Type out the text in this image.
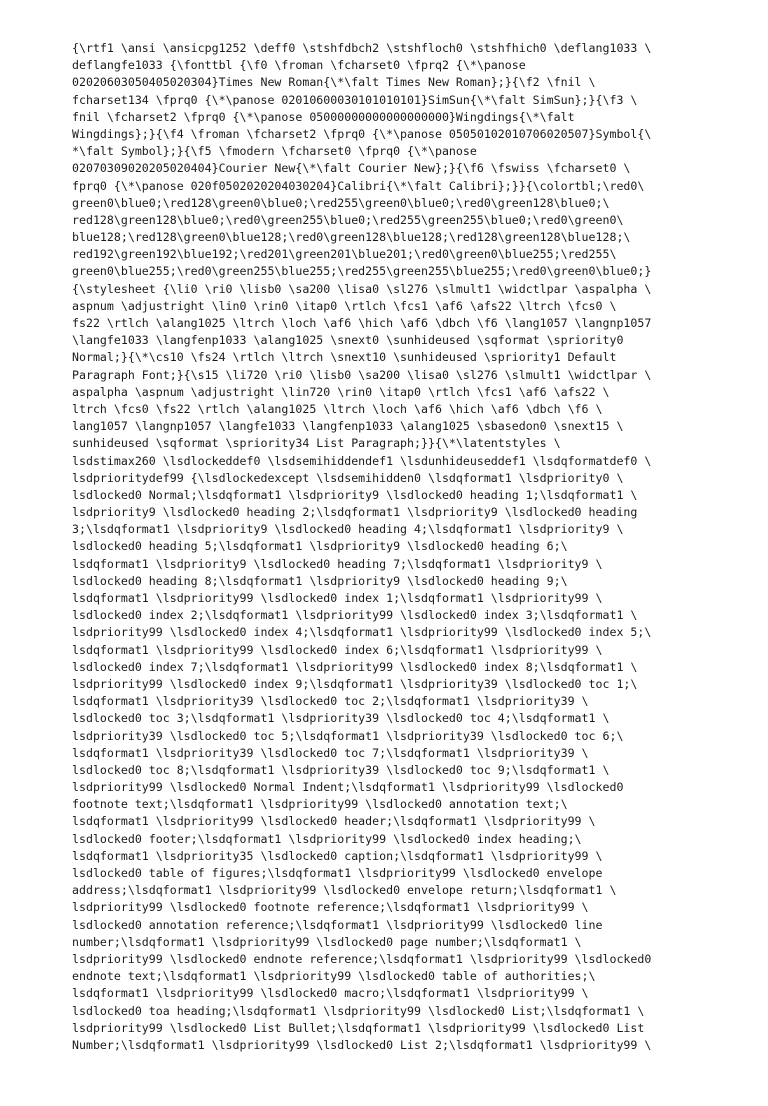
{\rtf1 \ansi \ansicpg1252 \deff0 \stshfdbch2 \stshfloch0 \stshfhich0 \deflang1033 \
deflangfe1033 {\fonttbl {\f0 \froman \fcharset0 \fprq2 {\*\panose
02020603050405020304}Times New Roman{\*\falt Times New Roman};}{\f2 \fnil \
fcharset134 \fprq0 {\*\panose 02010600030101010101}SimSun{\*\falt SimSun};}{\f3 \
fnil \fcharset2 \fprq0 {\*\panose 05000000000000000000}Wingdings{\*\falt
Wingdings};}{\f4 \froman \fcharset2 \fprq0 {\*\panose 05050102010706020507}Symbol{\
*\falt Symbol};}{\f5 \fmodern \fcharset0 \fprq0 {\*\panose
02070309020205020404}Courier New{\*\falt Courier New};}{\f6 \fswiss \fcharset0 \
fprq0 {\*\panose 020f0502020204030204}Calibri{\*\falt Calibri};}}{\colortbl;\red0\
green0\blue0;\red128\green0\blue0;\red255\green0\blue0;\red0\green128\blue0;\
red128\green128\blue0;\red0\green255\blue0;\red255\green255\blue0;\red0\green0\
blue128;\red128\green0\blue128;\red0\green128\blue128;\red128\green128\blue128;\
red192\green192\blue192;\red201\green201\blue201;\red0\green0\blue255;\red255\
green0\blue255;\red0\green255\blue255;\red255\green255\blue255;\red0\green0\blue0;}
{\stylesheet {\li0 \ri0 \lisb0 \sa200 \lisa0 \sl276 \slmult1 \widctlpar \aspalpha \
aspnum \adjustright \lin0 \rin0 \itap0 \rtlch \fcs1 \af6 \afs22 \ltrch \fcs0 \
fs22 \rtlch \alang1025 \ltrch \loch \af6 \hich \af6 \dbch \f6 \lang1057 \langnp1057
\langfe1033 \langfenp1033 \alang1025 \snext0 \sunhideused \sqformat \spriority0
Normal;}{\*\cs10 \fs24 \rtlch \ltrch \snext10 \sunhideused \spriority1 Default
Paragraph Font;}{\s15 \li720 \ri0 \lisb0 \sa200 \lisa0 \sl276 \slmult1 \widctlpar \
aspalpha \aspnum \adjustright \lin720 \rin0 \itap0 \rtlch \fcs1 \af6 \afs22 \
ltrch \fcs0 \fs22 \rtlch \alang1025 \ltrch \loch \af6 \hich \af6 \dbch \f6 \
lang1057 \langnp1057 \langfe1033 \langfenp1033 \alang1025 \sbasedon0 \snext15 \
sunhideused \sqformat \spriority34 List Paragraph;}}{\*\latentstyles \
lsdstimax260 \lsdlockeddef0 \lsdsemihiddendef1 \lsdunhideuseddef1 \lsdqformatdef0 \
lsdprioritydef99 {\lsdlockedexcept \lsdsemihidden0 \lsdqformat1 \lsdpriority0 \
lsdlocked0 Normal;\lsdqformat1 \lsdpriority9 \lsdlocked0 heading 1;\lsdqformat1 \
lsdpriority9 \lsdlocked0 heading 2;\lsdqformat1 \lsdpriority9 \lsdlocked0 heading
3;\lsdqformat1 \lsdpriority9 \lsdlocked0 heading 4;\lsdqformat1 \lsdpriority9 \
lsdlocked0 heading 5;\lsdqformat1 \lsdpriority9 \lsdlocked0 heading 6;\
lsdqformat1 \lsdpriority9 \lsdlocked0 heading 7;\lsdqformat1 \lsdpriority9 \
lsdlocked0 heading 8;\lsdqformat1 \lsdpriority9 \lsdlocked0 heading 9;\
lsdqformat1 \lsdpriority99 \lsdlocked0 index 1;\lsdqformat1 \lsdpriority99 \
lsdlocked0 index 2;\lsdqformat1 \lsdpriority99 \lsdlocked0 index 3;\lsdqformat1 \
lsdpriority99 \lsdlocked0 index 4;\lsdqformat1 \lsdpriority99 \lsdlocked0 index 5;\
lsdqformat1 \lsdpriority99 \lsdlocked0 index 6;\lsdqformat1 \lsdpriority99 \
lsdlocked0 index 7;\lsdqformat1 \lsdpriority99 \lsdlocked0 index 8;\lsdqformat1 \
lsdpriority99 \lsdlocked0 index 9;\lsdqformat1 \lsdpriority39 \lsdlocked0 toc 1;\
lsdqformat1 \lsdpriority39 \lsdlocked0 toc 2;\lsdqformat1 \lsdpriority39 \
lsdlocked0 toc 3;\lsdqformat1 \lsdpriority39 \lsdlocked0 toc 4;\lsdqformat1 \
lsdpriority39 \lsdlocked0 toc 5;\lsdqformat1 \lsdpriority39 \lsdlocked0 toc 6;\
lsdqformat1 \lsdpriority39 \lsdlocked0 toc 7;\lsdqformat1 \lsdpriority39 \
lsdlocked0 toc 8;\lsdqformat1 \lsdpriority39 \lsdlocked0 toc 9;\lsdqformat1 \
lsdpriority99 \lsdlocked0 Normal Indent;\lsdqformat1 \lsdpriority99 \lsdlocked0
footnote text;\lsdqformat1 \lsdpriority99 \lsdlocked0 annotation text;\
lsdqformat1 \lsdpriority99 \lsdlocked0 header;\lsdqformat1 \lsdpriority99 \
lsdlocked0 footer;\lsdqformat1 \lsdpriority99 \lsdlocked0 index heading;\
lsdqformat1 \lsdpriority35 \lsdlocked0 caption;\lsdqformat1 \lsdpriority99 \
lsdlocked0 table of figures;\lsdqformat1 \lsdpriority99 \lsdlocked0 envelope
address;\lsdqformat1 \lsdpriority99 \lsdlocked0 envelope return;\lsdqformat1 \
lsdpriority99 \lsdlocked0 footnote reference;\lsdqformat1 \lsdpriority99 \
lsdlocked0 annotation reference;\lsdqformat1 \lsdpriority99 \lsdlocked0 line
number;\lsdqformat1 \lsdpriority99 \lsdlocked0 page number;\lsdqformat1 \
lsdpriority99 \lsdlocked0 endnote reference;\lsdqformat1 \lsdpriority99 \lsdlocked0
endnote text;\lsdqformat1 \lsdpriority99 \lsdlocked0 table of authorities;\
lsdqformat1 \lsdpriority99 \lsdlocked0 macro;\lsdqformat1 \lsdpriority99 \
lsdlocked0 toa heading;\lsdqformat1 \lsdpriority99 \lsdlocked0 List;\lsdqformat1 \
lsdpriority99 \lsdlocked0 List Bullet;\lsdqformat1 \lsdpriority99 \lsdlocked0 List
Number;\lsdqformat1 \lsdpriority99 \lsdlocked0 List 2;\lsdqformat1 \lsdpriority99 \
